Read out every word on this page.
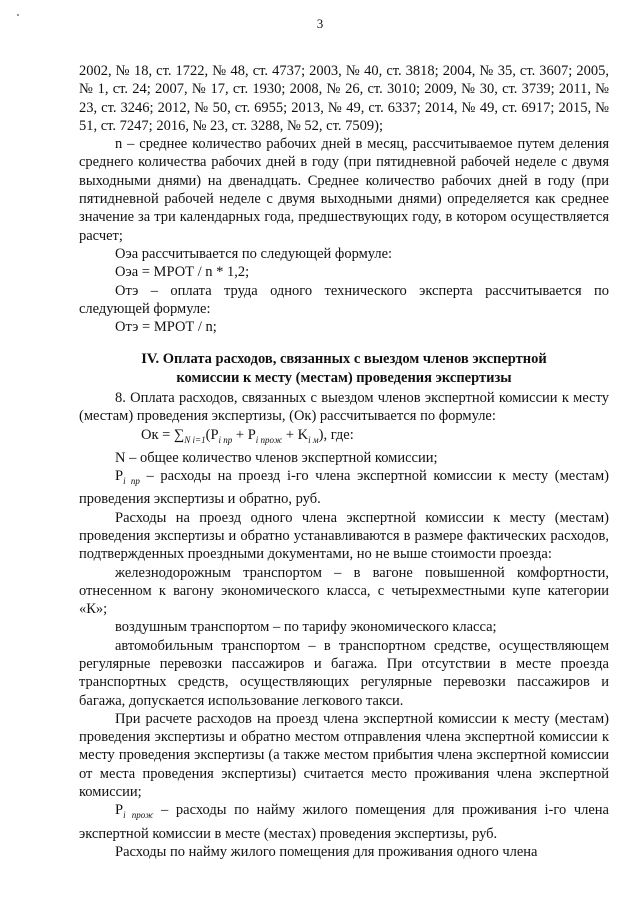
3

2002, № 18, ст. 1722, № 48, ст. 4737; 2003, № 40, ст. 3818; 2004, № 35, ст. 3607; 2005, № 1, ст. 24; 2007, № 17, ст. 1930; 2008, № 26, ст. 3010; 2009, № 30, ст. 3739; 2011, № 23, ст. 3246; 2012, № 50, ст. 6955; 2013, № 49, ст. 6337; 2014, № 49, ст. 6917; 2015, № 51, ст. 7247; 2016, № 23, ст. 3288, № 52, ст. 7509);

n – среднее количество рабочих дней в месяц, рассчитываемое путем деления среднего количества рабочих дней в году (при пятидневной рабочей неделе с двумя выходными днями) на двенадцать. Среднее количество рабочих дней в году (при пятидневной рабочей неделе с двумя выходными днями) определяется как среднее значение за три календарных года, предшествующих году, в котором осуществляется расчет;

Оэа рассчитывается по следующей формуле:

Оэа = МРОТ / n * 1,2;

Отэ – оплата труда одного технического эксперта рассчитывается по следующей формуле:

Отэ = МРОТ / n;

IV. Оплата расходов, связанных с выездом членов экспертной комиссии к месту (местам) проведения экспертизы

8. Оплата расходов, связанных с выездом членов экспертной комиссии к месту (местам) проведения экспертизы, (Ок) рассчитывается по формуле:

Ок = $\sum_{N i=1}(P_{i пр} + P_{i прож} + K_{i м})$, где:

N – общее количество членов экспертной комиссии;

$P_{i пр}$ – расходы на проезд i-го члена экспертной комиссии к месту (местам) проведения экспертизы и обратно, руб.

Расходы на проезд одного члена экспертной комиссии к месту (местам) проведения экспертизы и обратно устанавливаются в размере фактических расходов, подтвержденных проездными документами, но не выше стоимости проезда:

железнодорожным транспортом – в вагоне повышенной комфортности, отнесенном к вагону экономического класса, с четырехместными купе категории «К»;

воздушным транспортом – по тарифу экономического класса;

автомобильным транспортом – в транспортном средстве, осуществляющем регулярные перевозки пассажиров и багажа. При отсутствии в месте проезда транспортных средств, осуществляющих регулярные перевозки пассажиров и багажа, допускается использование легкового такси.

При расчете расходов на проезд члена экспертной комиссии к месту (местам) проведения экспертизы и обратно местом отправления члена экспертной комиссии к месту проведения экспертизы (а также местом прибытия члена экспертной комиссии от места проведения экспертизы) считается место проживания члена экспертной комиссии;

$P_{i прож}$ – расходы по найму жилого помещения для проживания i-го члена экспертной комиссии в месте (местах) проведения экспертизы, руб.

Расходы по найму жилого помещения для проживания одного члена
